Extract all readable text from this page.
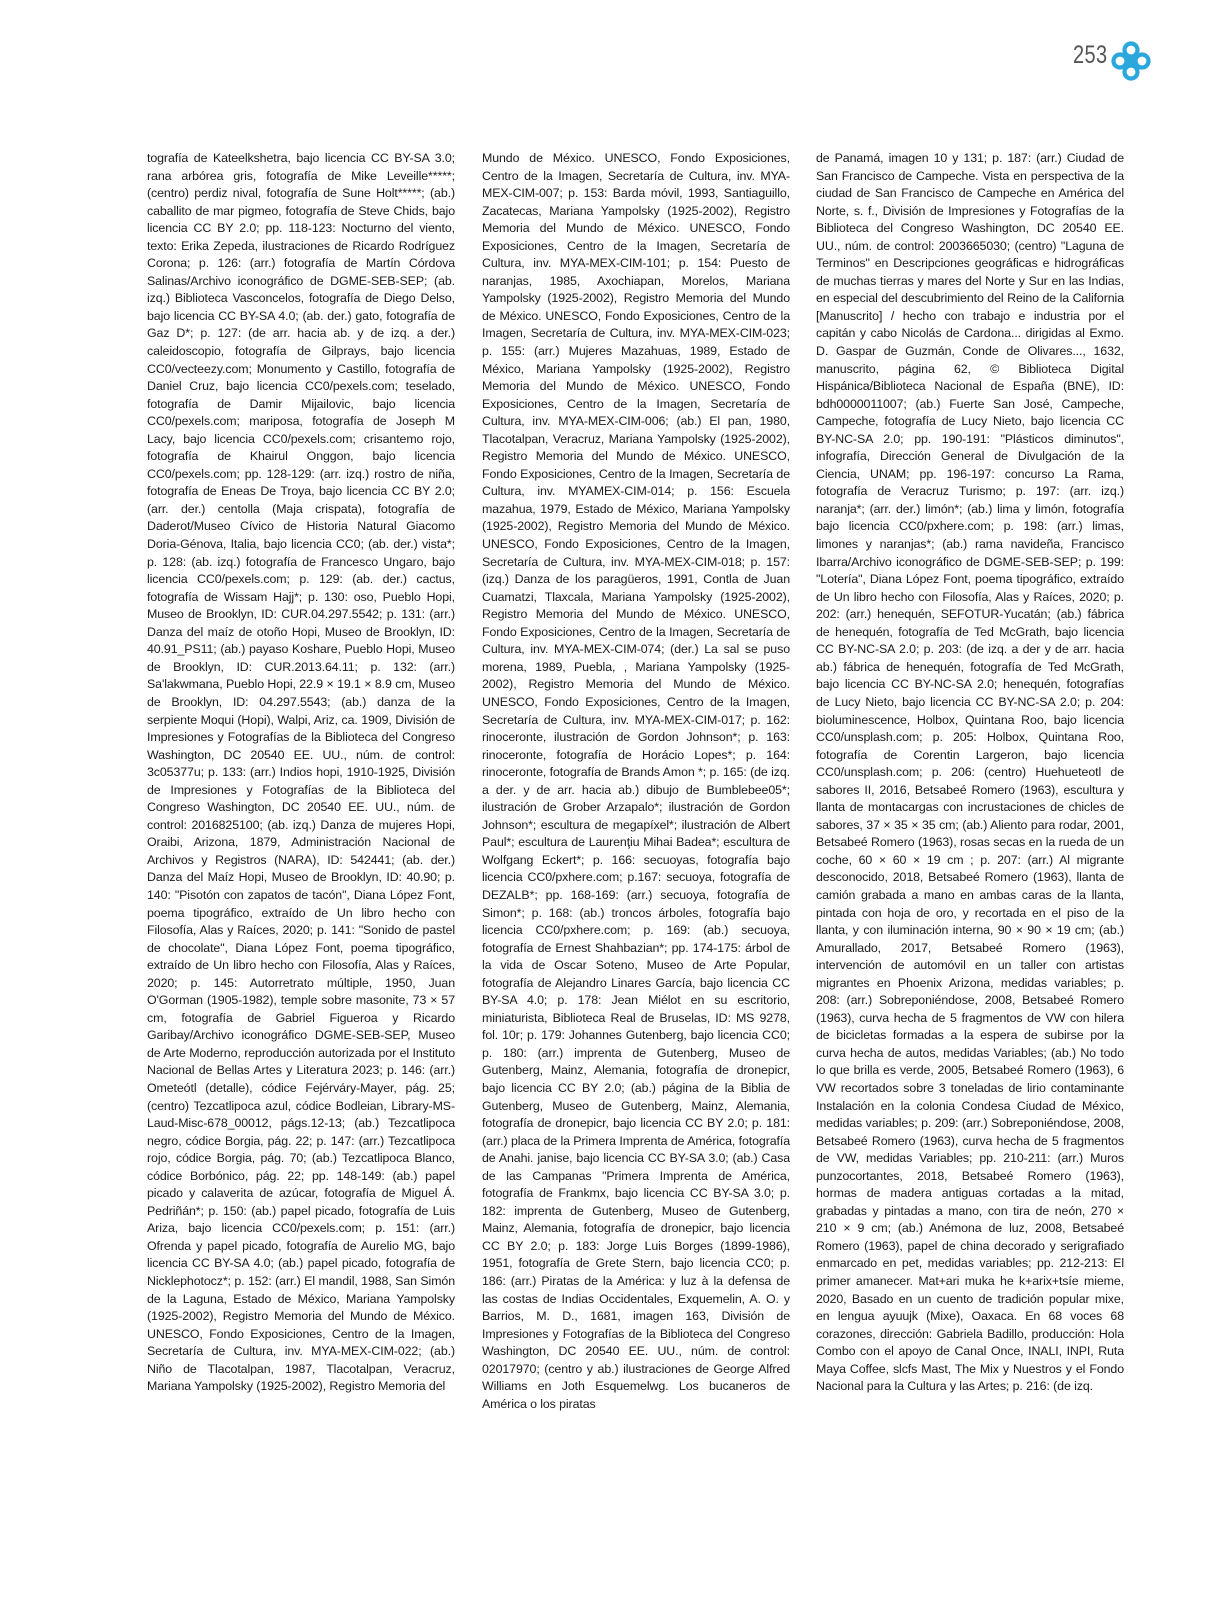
253

tografía de Kateelkshetra, bajo licencia CC BY-SA 3.0; rana arbórea gris, fotografía de Mike Leveille*****; (centro) perdiz nival, fotografía de Sune Holt*****; (ab.) caballito de mar pigmeo, fotografía de Steve Chids, bajo licencia CC BY 2.0; pp. 118-123: Nocturno del viento, texto: Erika Zepeda, ilustraciones de Ricardo Rodríguez Corona; p. 126: (arr.) fotografía de Martín Córdova Salinas/Archivo iconográfico de DGME-SEB-SEP; (ab. izq.) Biblioteca Vasconcelos, fotografía de Diego Delso, bajo licencia CC BY-SA 4.0; (ab. der.) gato, fotografía de Gaz D*; p. 127: (de arr. hacia ab. y de izq. a der.) caleidoscopio, fotografía de Gilprays, bajo licencia CC0/vecteezy.com; Monumento y Castillo, fotografía de Daniel Cruz, bajo licencia CC0/pexels.com; teselado, fotografía de Damir Mijailovic, bajo licencia CC0/pexels.com; mariposa, fotografía de Joseph M Lacy, bajo licencia CC0/pexels.com; crisantemo rojo, fotografía de Khairul Onggon, bajo licencia CC0/pexels.com; pp. 128-129: (arr. izq.) rostro de niña, fotografía de Eneas De Troya, bajo licencia CC BY 2.0; (arr. der.) centolla (Maja crispata), fotografía de Daderot/Museo Cívico de Historia Natural Giacomo Doria-Génova, Italia, bajo licencia CC0; (ab. der.) vista*; p. 128: (ab. izq.) fotografía de Francesco Ungaro, bajo licencia CC0/pexels.com; p. 129: (ab. der.) cactus, fotografía de Wissam Hajj*; p. 130: oso, Pueblo Hopi, Museo de Brooklyn, ID: CUR.04.297.5542; p. 131: (arr.) Danza del maíz de otoño Hopi, Museo de Brooklyn, ID: 40.91_PS11; (ab.) payaso Koshare, Pueblo Hopi, Museo de Brooklyn, ID: CUR.2013.64.11; p. 132: (arr.) Sa'lakwmana, Pueblo Hopi, 22.9 × 19.1 × 8.9 cm, Museo de Brooklyn, ID: 04.297.5543; (ab.) danza de la serpiente Moqui (Hopi), Walpi, Ariz, ca. 1909, División de Impresiones y Fotografías de la Biblioteca del Congreso Washington, DC 20540 EE. UU., núm. de control: 3c05377u; p. 133: (arr.) Indios hopi, 1910-1925, División de Impresiones y Fotografías de la Biblioteca del Congreso Washington, DC 20540 EE. UU., núm. de control: 2016825100; (ab. izq.) Danza de mujeres Hopi, Oraibi, Arizona, 1879, Administración Nacional de Archivos y Registros (NARA), ID: 542441; (ab. der.) Danza del Maíz Hopi, Museo de Brooklyn, ID: 40.90; p. 140: "Pisotón con zapatos de tacón", Diana López Font, poema tipográfico, extraído de Un libro hecho con Filosofía, Alas y Raíces, 2020; p. 141: "Sonido de pastel de chocolate", Diana López Font, poema tipográfico, extraído de Un libro hecho con Filosofía, Alas y Raíces, 2020; p. 145: Autorretrato múltiple, 1950, Juan O'Gorman (1905-1982), temple sobre masonite, 73 × 57 cm, fotografía de Gabriel Figueroa y Ricardo Garibay/Archivo iconográfico DGME-SEB-SEP, Museo de Arte Moderno, reproducción autorizada por el Instituto Nacional de Bellas Artes y Literatura 2023; p. 146: (arr.) Ometeótl (detalle), códice Fejérváry-Mayer, pág. 25; (centro) Tezcatlipoca azul, códice Bodleian, Library-MS-Laud-Misc-678_00012, págs.12-13; (ab.) Tezcatlipoca negro, códice Borgia, pág. 22; p. 147: (arr.) Tezcatlipoca rojo, códice Borgia, pág. 70; (ab.) Tezcatlipoca Blanco, códice Borbónico, pág. 22; pp. 148-149: (ab.) papel picado y calaverita de azúcar, fotografía de Miguel Á. Pedriñán*; p. 150: (ab.) papel picado, fotografía de Luis Ariza, bajo licencia CC0/pexels.com; p. 151: (arr.) Ofrenda y papel picado, fotografía de Aurelio MG, bajo licencia CC BY-SA 4.0; (ab.) papel picado, fotografía de Nicklephotocz*; p. 152: (arr.) El mandil, 1988, San Simón de la Laguna, Estado de México, Mariana Yampolsky (1925-2002), Registro Memoria del Mundo de México. UNESCO, Fondo Exposiciones, Centro de la Imagen, Secretaría de Cultura, inv. MYA-MEX-CIM-022; (ab.) Niño de Tlacotalpan, 1987, Tlacotalpan, Veracruz, Mariana Yampolsky (1925-2002), Registro Memoria del

Mundo de México. UNESCO, Fondo Exposiciones, Centro de la Imagen, Secretaría de Cultura, inv. MYA-MEX-CIM-007; p. 153: Barda móvil, 1993, Santiaguillo, Zacatecas, Mariana Yampolsky (1925-2002), Registro Memoria del Mundo de México. UNESCO, Fondo Exposiciones, Centro de la Imagen, Secretaría de Cultura, inv. MYA-MEX-CIM-101; p. 154: Puesto de naranjas, 1985, Axochiapan, Morelos, Mariana Yampolsky (1925-2002), Registro Memoria del Mundo de México. UNESCO, Fondo Exposiciones, Centro de la Imagen, Secretaría de Cultura, inv. MYA-MEX-CIM-023; p. 155: (arr.) Mujeres Mazahuas, 1989, Estado de México, Mariana Yampolsky (1925-2002), Registro Memoria del Mundo de México. UNESCO, Fondo Exposiciones, Centro de la Imagen, Secretaría de Cultura, inv. MYA-MEX-CIM-006; (ab.) El pan, 1980, Tlacotalpan, Veracruz, Mariana Yampolsky (1925-2002), Registro Memoria del Mundo de México. UNESCO, Fondo Exposiciones, Centro de la Imagen, Secretaría de Cultura, inv. MYAMEX-CIM-014; p. 156: Escuela mazahua, 1979, Estado de México, Mariana Yampolsky (1925-2002), Registro Memoria del Mundo de México. UNESCO, Fondo Exposiciones, Centro de la Imagen, Secretaría de Cultura, inv. MYA-MEX-CIM-018; p. 157: (izq.) Danza de los paragüeros, 1991, Contla de Juan Cuamatzi, Tlaxcala, Mariana Yampolsky (1925-2002), Registro Memoria del Mundo de México. UNESCO, Fondo Exposiciones, Centro de la Imagen, Secretaría de Cultura, inv. MYA-MEX-CIM-074; (der.) La sal se puso morena, 1989, Puebla, , Mariana Yampolsky (1925-2002), Registro Memoria del Mundo de México. UNESCO, Fondo Exposiciones, Centro de la Imagen, Secretaría de Cultura, inv. MYA-MEX-CIM-017; p. 162: rinoceronte, ilustración de Gordon Johnson*; p. 163: rinoceronte, fotografía de Horácio Lopes*; p. 164: rinoceronte, fotografía de Brands Amon *; p. 165: (de izq. a der. y de arr. hacia ab.) dibujo de Bumblebee05*; ilustración de Grober Arzapalo*; ilustración de Gordon Johnson*; escultura de megapíxel*; ilustración de Albert Paul*; escultura de Laurenţiu Mihai Badea*; escultura de Wolfgang Eckert*; p. 166: secuoyas, fotografía bajo licencia CC0/pxhere.com; p.167: secuoya, fotografía de DEZALB*; pp. 168-169: (arr.) secuoya, fotografía de Simon*; p. 168: (ab.) troncos árboles, fotografía bajo licencia CC0/pxhere.com; p. 169: (ab.) secuoya, fotografía de Ernest Shahbazian*; pp. 174-175: árbol de la vida de Oscar Soteno, Museo de Arte Popular, fotografía de Alejandro Linares García, bajo licencia CC BY-SA 4.0; p. 178: Jean Miélot en su escritorio, miniaturista, Biblioteca Real de Bruselas, ID: MS 9278, fol. 10r; p. 179: Johannes Gutenberg, bajo licencia CC0; p. 180: (arr.) imprenta de Gutenberg, Museo de Gutenberg, Mainz, Alemania, fotografía de dronepicr, bajo licencia CC BY 2.0; (ab.) página de la Biblia de Gutenberg, Museo de Gutenberg, Mainz, Alemania, fotografía de dronepicr, bajo licencia CC BY 2.0; p. 181: (arr.) placa de la Primera Imprenta de América, fotografía de Anahi. janise, bajo licencia CC BY-SA 3.0; (ab.) Casa de las Campanas "Primera Imprenta de América, fotografía de Frankmx, bajo licencia CC BY-SA 3.0; p. 182: imprenta de Gutenberg, Museo de Gutenberg, Mainz, Alemania, fotografía de dronepicr, bajo licencia CC BY 2.0; p. 183: Jorge Luis Borges (1899-1986), 1951, fotografía de Grete Stern, bajo licencia CC0; p. 186: (arr.) Piratas de la América: y luz à la defensa de las costas de Indias Occidentales, Exquemelin, A. O. y Barrios, M. D., 1681, imagen 163, División de Impresiones y Fotografías de la Biblioteca del Congreso Washington, DC 20540 EE. UU., núm. de control: 02017970; (centro y ab.) ilustraciones de George Alfred Williams en Joth Esquemelwg. Los bucaneros de América o los piratas

de Panamá, imagen 10 y 131; p. 187: (arr.) Ciudad de San Francisco de Campeche. Vista en perspectiva de la ciudad de San Francisco de Campeche en América del Norte, s. f., División de Impresiones y Fotografías de la Biblioteca del Congreso Washington, DC 20540 EE. UU., núm. de control: 2003665030; (centro) "Laguna de Terminos" en Descripciones geográficas e hidrográficas de muchas tierras y mares del Norte y Sur en las Indias, en especial del descubrimiento del Reino de la California [Manuscrito] / hecho con trabajo e industria por el capitán y cabo Nicolás de Cardona... dirigidas al Exmo. D. Gaspar de Guzmán, Conde de Olivares..., 1632, manuscrito, página 62, © Biblioteca Digital Hispánica/Biblioteca Nacional de España (BNE), ID: bdh0000011007; (ab.) Fuerte San José, Campeche, Campeche, fotografía de Lucy Nieto, bajo licencia CC BY-NC-SA 2.0; pp. 190-191: "Plásticos diminutos", infografía, Dirección General de Divulgación de la Ciencia, UNAM; pp. 196-197: concurso La Rama, fotografía de Veracruz Turismo; p. 197: (arr. izq.) naranja*; (arr. der.) limón*; (ab.) lima y limón, fotografía bajo licencia CC0/pxhere.com; p. 198: (arr.) limas, limones y naranjas*; (ab.) rama navideña, Francisco Ibarra/Archivo iconográfico de DGME-SEB-SEP; p. 199: "Lotería", Diana López Font, poema tipográfico, extraído de Un libro hecho con Filosofía, Alas y Raíces, 2020; p. 202: (arr.) henequén, SEFOTUR-Yucatán; (ab.) fábrica de henequén, fotografía de Ted McGrath, bajo licencia CC BY-NC-SA 2.0; p. 203: (de izq. a der y de arr. hacia ab.) fábrica de henequén, fotografía de Ted McGrath, bajo licencia CC BY-NC-SA 2.0; henequén, fotografías de Lucy Nieto, bajo licencia CC BY-NC-SA 2.0; p. 204: bioluminescence, Holbox, Quintana Roo, bajo licencia CC0/unsplash.com; p. 205: Holbox, Quintana Roo, fotografía de Corentin Largeron, bajo licencia CC0/unsplash.com; p. 206: (centro) Huehueteotl de sabores II, 2016, Betsabeé Romero (1963), escultura y llanta de montacargas con incrustaciones de chicles de sabores, 37 × 35 × 35 cm; (ab.) Aliento para rodar, 2001, Betsabeé Romero (1963), rosas secas en la rueda de un coche, 60 × 60 × 19 cm ; p. 207: (arr.) Al migrante desconocido, 2018, Betsabeé Romero (1963), llanta de camión grabada a mano en ambas caras de la llanta, pintada con hoja de oro, y recortada en el piso de la llanta, y con iluminación interna, 90 × 90 × 19 cm; (ab.) Amurallado, 2017, Betsabeé Romero (1963), intervención de automóvil en un taller con artistas migrantes en Phoenix Arizona, medidas variables; p. 208: (arr.) Sobreponiéndose, 2008, Betsabeé Romero (1963), curva hecha de 5 fragmentos de VW con hilera de bicicletas formadas a la espera de subirse por la curva hecha de autos, medidas Variables; (ab.) No todo lo que brilla es verde, 2005, Betsabeé Romero (1963), 6 VW recortados sobre 3 toneladas de lirio contaminante Instalación en la colonia Condesa Ciudad de México, medidas variables; p. 209: (arr.) Sobreponiéndose, 2008, Betsabeé Romero (1963), curva hecha de 5 fragmentos de VW, medidas Variables; pp. 210-211: (arr.) Muros punzocortantes, 2018, Betsabeé Romero (1963), hormas de madera antiguas cortadas a la mitad, grabadas y pintadas a mano, con tira de neón, 270 × 210 × 9 cm; (ab.) Anémona de luz, 2008, Betsabeé Romero (1963), papel de china decorado y serigrafiado enmarcado en pet, medidas variables; pp. 212-213: El primer amanecer. Mat+ari muka he k+arix+tsíe mieme, 2020, Basado en un cuento de tradición popular mixe, en lengua ayuujk (Mixe), Oaxaca. En 68 voces 68 corazones, dirección: Gabriela Badillo, producción: Hola Combo con el apoyo de Canal Once, INALI, INPI, Ruta Maya Coffee, slcfs Mast, The Mix y Nuestros y el Fondo Nacional para la Cultura y las Artes; p. 216: (de izq.
